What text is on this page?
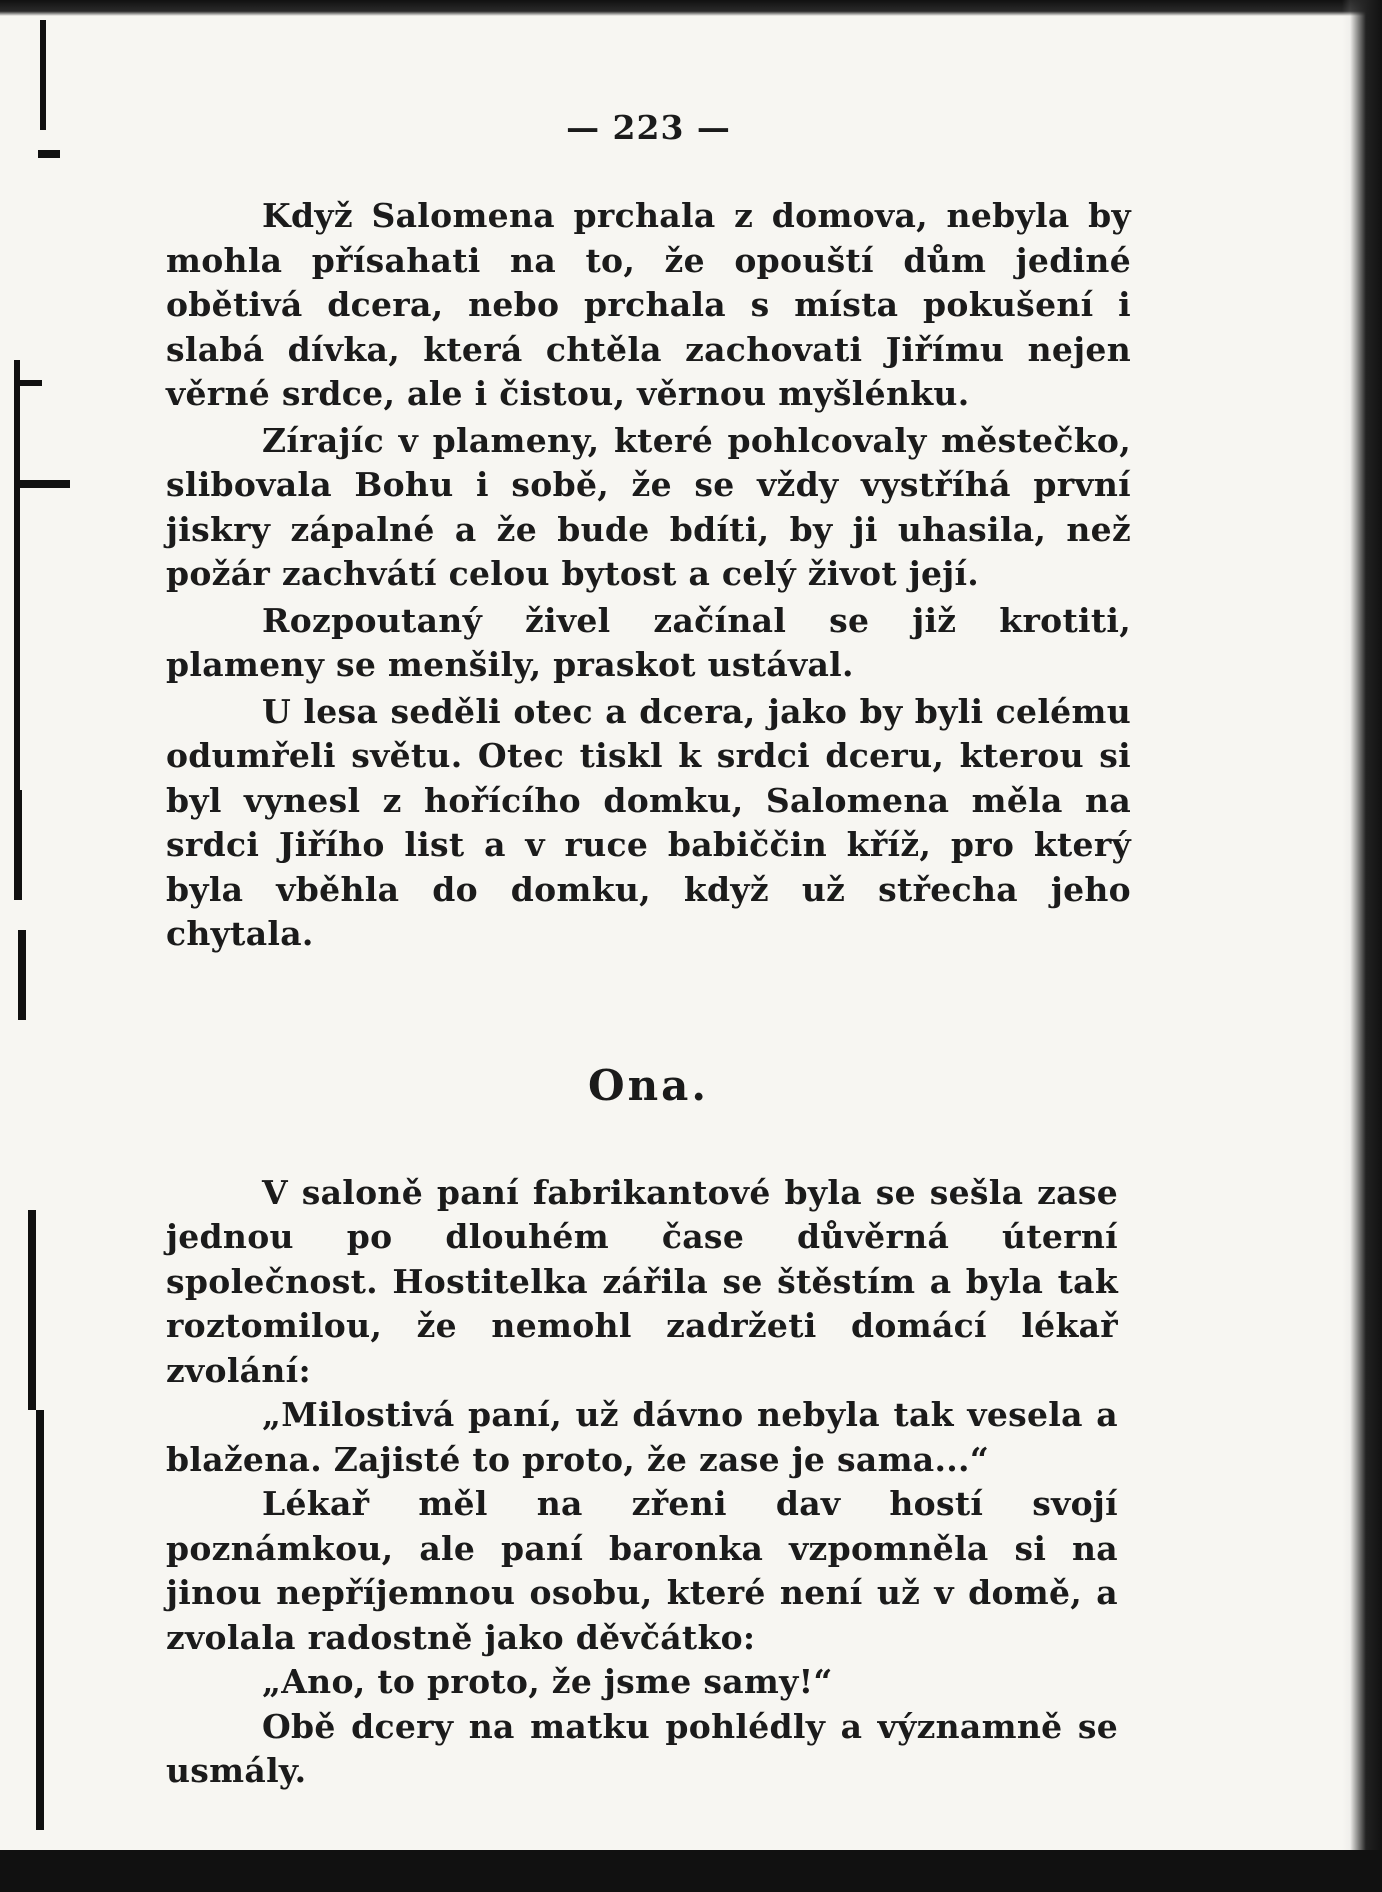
— 223 —

Když Salomena prchala z domova, nebyla by mohla přísahati na to, že opouští dům jediné obětivá dcera, nebo prchala s místa pokušení i slabá dívka, která chtěla zachovati Jiřímu nejen věrné srdce, ale i čistou, věrnou myšlénku.

Zírajíc v plameny, které pohlcovaly městečko, slibovala Bohu i sobě, že se vždy vystříhá první jiskry zápalné a že bude bdíti, by ji uhasila, než požár zachvátí celou bytost a celý život její.

Rozpoutaný živel začínal se již krotiti, plameny se menšily, praskot ustával.

U lesa seděli otec a dcera, jako by byli celému odumřeli světu. Otec tiskl k srdci dceru, kterou si byl vynesl z hořícího domku, Salomena měla na srdci Jiřího list a v ruce babiččin kříž, pro který byla vběhla do domku, když už střecha jeho chytala.

Ona.

V saloně paní fabrikantové byla se sešla zase jednou po dlouhém čase důvěrná úterní společnost. Hostitelka zářila se štěstím a byla tak roztomilou, že nemohl zadržeti domácí lékař zvolání:

„Milostivá paní, už dávno nebyla tak vesela a blažena. Zajisté to proto, že zase je sama...“

Lékař měl na zřeni dav hostí svojí poznámkou, ale paní baronka vzpomněla si na jinou nepříjemnou osobu, které není už v domě, a zvolala radostně jako děvčátko:

„Ano, to proto, že jsme samy!“

Obě dcery na matku pohlédly a významně se usmály.
